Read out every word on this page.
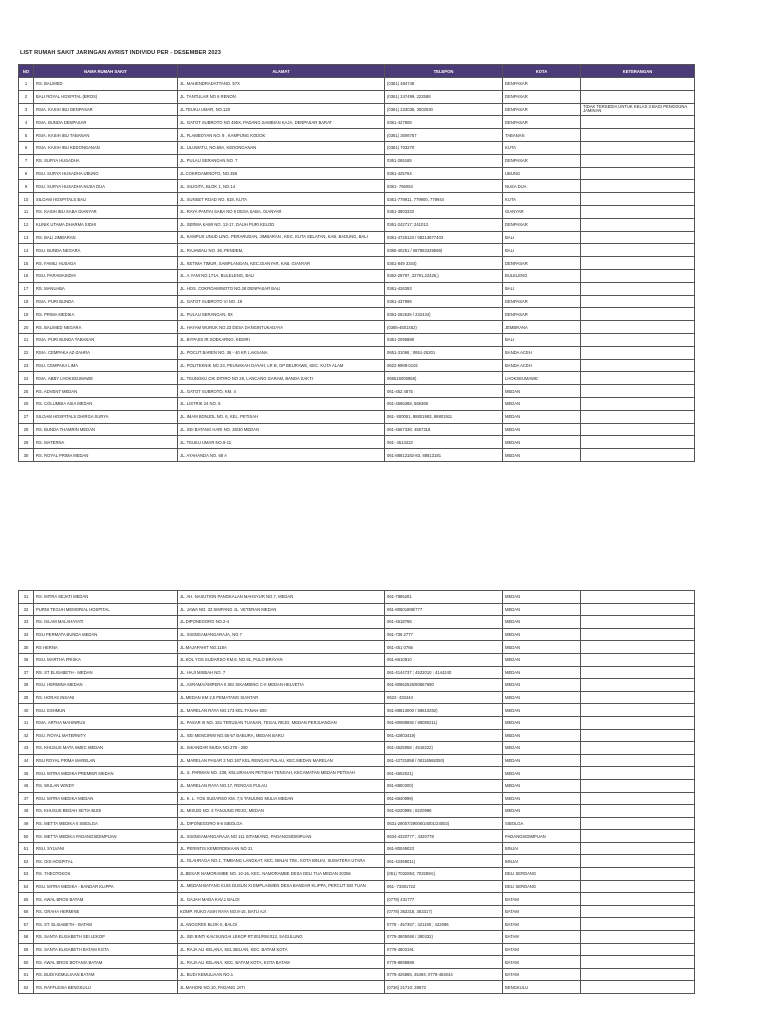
LIST RUMAH SAKIT JARINGAN AVRIST INDIVIDU PER - DESEMBER 2023
NO	NAMA RUMAH SAKIT	ALAMAT	TELEPON	KOTA	KETERANGAN
1	RS. BALIMED	JL. MAHENDRADATTANO. 57X	(0361) 484748	DENPASAR	
2	BALI ROYAL HOSPITAL (BROS)	JL. TANTULAR NO 6 RENON	(0361) 247499, 222588	DENPASAR	
3	RSIA. KASIH IBU DENPASAR	JL.TEUKU UMAR, NO.120	(0361) 223036, 3003030	DENPASAR	TIDAK TERSEDIA UNTUK KELAS 3 BAGI PENGGUNA JAMINAN
4	RSIA. BUNDA DENPASAR	JL. GATOT SUBROTO NO 455X, PADANG SAMBIAN KAJA, DENPASAR BARAT	0361-427808	DENPASAR	
5	RSIA. KASIH IBU TABANAN	JL. FLAMBOYAN NO. 9 , KAMPUNG KODOK	(0361) 3006757	TABANAN	
6	RSIA. KASIH IBU KEDONGANAN	JL. ULUWATU, NO.69A, KEDONGANAN	(0361) 703270	KUTA	
7	RS. SURYA HUSADHA	JL. PULAU SERANGAN NO. 7	0361-265165	DENPASAR	
8	RSU. SURYA HUSADHA UBUNG	JL.COKROAMINOTO, NO.356	0361-425764	UBUNG	
9	RSU. SURYA HUSADHA NUSA DUA	JL. SILIGITA, BLOK 1, NO.14	0361- 766054	NUSA DUA	
10	SILOAM HOSPITALS BALI	JL. SUNSET ROAD NO. 818, KUTA	0361-779911, 779900, 779944	KUTA	
11	RS. KASIH IBU SABA GIANYAR	JL. RAYA PANTAI SABA NO 9 DESA SABA, GIANYAR	0361-3803333	GIANYAR	
12	KLINIK UTAMA DHARMA SIDHI	JL. SERMA KAWI NO. 13-17, DAUH PURI KELOD	0361-242717; 241013	DENPASAR	
13	RS. BALI JIMBARAN	JL. KAMPUS UNUD LING. PERARUDAN, JIMBARAN , KEC. KUTA SELATAN, KAB. BADUNG, BALI	0361-4725123 / 08213877403	BALI	
14	RSU. BUNDA NEGARA	JL. RAJAWALI NO. 36, PENDEM,	0365-40251 / 087863329569)	BALI	
15	RS. FAMILI HUSADA	JL. KETIMA TIMUR, SAMPLANGAN, KEC.GIANYAR, KAB. GIANYAR	0361-849 3344)	DENPASAR	
16	RSU. PARAMASIDHI	JL. A.YANI NO.171A, BULELENG, BALI	0362-29797, 32791,22426,)	BULELENG	
17	RS. MANUABA	JL. HOS. COKROAMINOTO NO.28 DENPASAR BALI	0361-426393	BALI	
18	RSIA. PURI BUNDA	JL. GATOT SUBROTO VI NO. 19	0361-437999	DENPASAR	
19	RS. PRIMA MEDIKA	JL. PULAU SERANGAN, 9X	0361-262535 / 232434)	DENPASAR	
20	RS. BALIMED NEGARA	JL. HAYAM WURUK NO.23 DESA DANGINTUKADAYA	(0365-4501452)	JEMBRANA	
21	RSIA. PURI BUNDA TABANAN	JL. BYPASS IR.SOEKARNO, KEDIRI	0361-2095888	BALI	
22	RSIA. CEMPAKA AZ-ZAHRA	JL. POCUT BAREN NO. 36 - 40 KP. LAKSANA	0651-31066 ; 0651-25201	BANDA ACEH	
23	RSU. CEMPAKA LIMA	JL. POLITEKNIK NO 23, PEUNAKAH DAYAH, LR B, GP BEURAWE, KEC. KUTA ALAM	0622-9988-0102	BANDA ACEH	
24	RSIA. ABBY LHOKSEUMAWE	JL. TEUNGKU CIK DITIRO NO 28, LANCANG GARAM, BANDA SAKTI	065516005858)	LHOKSEUMAWE	
25	RS. ADVENT MEDAN	JL. GATOT SUBROTO, KM. 4	061-452 4875	MEDAN	
26	RS. COLUMBIA ASIA MEDAN	JL. LISTRIK 24 NO. 6	061-4566368, 566368	MEDAN	
27	SILOAM HOSPITALS DHIRGA SURYA	JL. IMAM BONJOL NO. 6, KEL. PETISAH	061- 800051, 88801983, 88801911	MEDAN	
28	RS. BUNDA THAMRIN MEDAN	JL. SEI BATANG HARI NO. 28/30 MEDAN	061-4557338, 4557318	MEDAN	
29	RS. MATERNA	JL. TEUKU UMAR NO.9-11	061- 4514222	MEDAN	
30	RS. ROYAL PRIMA MEDAN	JL. AYAHANDA NO. 68 A	061-88813182-83, 88813181	MEDAN	
31	RS. MITRA SEJATI MEDAN	JL. AH. NASUTION PANGKALAN MAHSYUR NO.7, MEDAN	061-7885261	MEDAN	
32	PURNI TEGUH MEMORIAL HOSPITAL	JL. JAWA NO. 32 SIMPANG JL. VETERAN MEDAN	061-80501888/777	MEDAN	
33	RS. ISLAM MALAHAYATI	JL.DIPONEGORO NO.2-4	061-4518766	MEDAN	
34	RSU PERMATA BUNDA MEDAN	JL. SISINGAMANGARAJA, NO.7	061-736 2777	MEDAN	
35	RS HERNA	JL.MAJAPAHIT NO.118A	061-451 0766	MEDAN	
36	RSU. MARTHA FRISKA	JL.KOL YOS SUDARSO KM.6, NO.91, PULO BRAYAN	061-6610910	MEDAN	
37	RS. ST ELISABETH - MEDAN	JL. HAJI MISBAH NO. 7	061-4144737 ; 4522010 ; 4144240	MEDAN	
38	RSU. HERMINA MEDAN	JL. ASRAMA/AMPERA II SEI SIKAMBING C-II MEDAN HELVETIA	061-80862525/80867690	MEDAN	
39	RS. HORAS INSANI	JL.MEDAN KM 2,5 PEMATANG SIANTAR	0622- 433444	MEDAN	
40	RSU. ESHMUN	JL. MARELAN RAYA NO.173 KEL.TANAH 600	061-88813000 / 88810282)	MEDAN	
41	RSIA. ARTHA MAHINRUS	JL. PASAR III NO. 151 TERUSAN TUASAN, TEGAL REJO, MEDAN PERJUANGAN	061-80088892 / 88080211)	MEDAN	
42	RSU. ROYAL MATERNITY	JL. SEI MENCIRIM NO.55-57 BABURA, MEDAN BARU	061-42803419)	MEDAN	
43	RS. KHUSUS MATA SMEC MEDAN	JL. ISKANDAR MUDA NO.278 - 280	061-4525058 ; 4518222)	MEDAN	
44	RSU ROYAL PRIMA MARELAN	JL. MARELAN PASAR 3 NO.167 KEL.RENGAS PULAU, KEC.MEDAN MARELAN	061-42731858 / 08116568250)	MEDAN	
45	RSU. MITRA MEDIKA PREMIER MEDAN	JL. S. PARMAN NO. 236, KELURAHAN PETISAH TENGAH, KECAMATAN MEDAN PETISAH	061-4502021)	MEDAN	
46	RS. WULAN WINDY	JL. MARELAN RAYA NO.17, RENGAS PULAU	061-6850300)	MEDAN	
47	RSU. MITRA MEDIKA MEDAN	JL. K. L. YOS SUDARSO KM. 7,5 TANJUNG MULIA MEDAN	061-6640999)	MEDAN	
48	RS. KHUSUS BEDAH SETIA BUDI	JL. MISUID NO. 3 TANJUNG REJO, MEDAN	061-8220995 ; 8220996	MEDAN	
49	RS. METTA MEDIKA II SIBOLGA	JL. DIPONEGORO 6-8 SIBOLGA	0631-29007/29006/24001/24002)	SIBOLGA	
50	RS. METTA MEDIKA PADANGSIDIMPUAN	JL. SISINGAMANGARAJA NO 111 SITAMIANG, PADANGSIDIMPUAN	0634-4320777 ; 4320778	PADANGSIDIMPUAN	
51	RSU. SYLVANI	JL. PERINTIS KEMERDEKAAN NO 21	061-80049023	BINJAI	
52	RS. OIS HOSPITAL	JL. OLAHRAGA NO.1, TIMBANG LANGKAT, KEC. BINJAI TIM., KOTA BINJAI, SUMATERA UTARA	061-42369011)	BINJAI	
53	RS. THEOTOKOS	JL.BESAR NAMORAMBE NO. 10-15, KEC. NAMORAMBE DESA DELI TUA MEDAN 20356	(061) 7032854; 7032694;)	DELI SERDANG	
54	RSU. MITRA MEDIKA - BANDAR KLIPPA	JL. MEDAN-BATANG KUIS DUSUN XI EMPLASMEN DESA BANDAR KLIPPA, PERCUT SEI TUAN	061- 73381722	DELI SERDANG	
55	RS. AWAL BROS BATAM	JL. GAJAH MADA KAV.1 BALOI	(0778) 431777	BATAM	
56	RS. GRAHA HERMINE	KOMP. RUKO ASIH RAYA NO.9-15, BATU AJI	(0778) 363318, 363317)	BATAM	
57	RS. ST. ELISABETH - BATAM	JL.ANGGREK BLOK II, BALOI	0778 - 457357 ; 421190 ; 422096	BATAM	
58	RS. SANTA ELISABETH SEI LEKOP	JL. SEI BINTI KAV.SUNGAI LEKOP RT.001/RW.013, SAGULUNG	0778-3805068 / 380332)	BATAM	
59	RS. SANTA ELISABETH BATAM KOTA	JL. RAJA ALI KELANA, KEL BELIAN, KEC. BATAM KOTA	0778-4803191	BATAM	
60	RS. AWAL BROS BOTANIA BATAM	JL. RAJA ALI KELANA, KEC. BATAM KOTA, KOTA BATAM	0778-8898888	BATAM	
61	RS. BUDI KEMULIAAN BATAM	JL. BUDI KEMULIAAN NO.1	0778-426865, 45494; 0778-454044	BATAM	
62	RS. RAFFLESIA BENGKULU	JL.MAHONI NO.10, PADANG JATI	(0736) 21710; 28673	BENGKULU	
